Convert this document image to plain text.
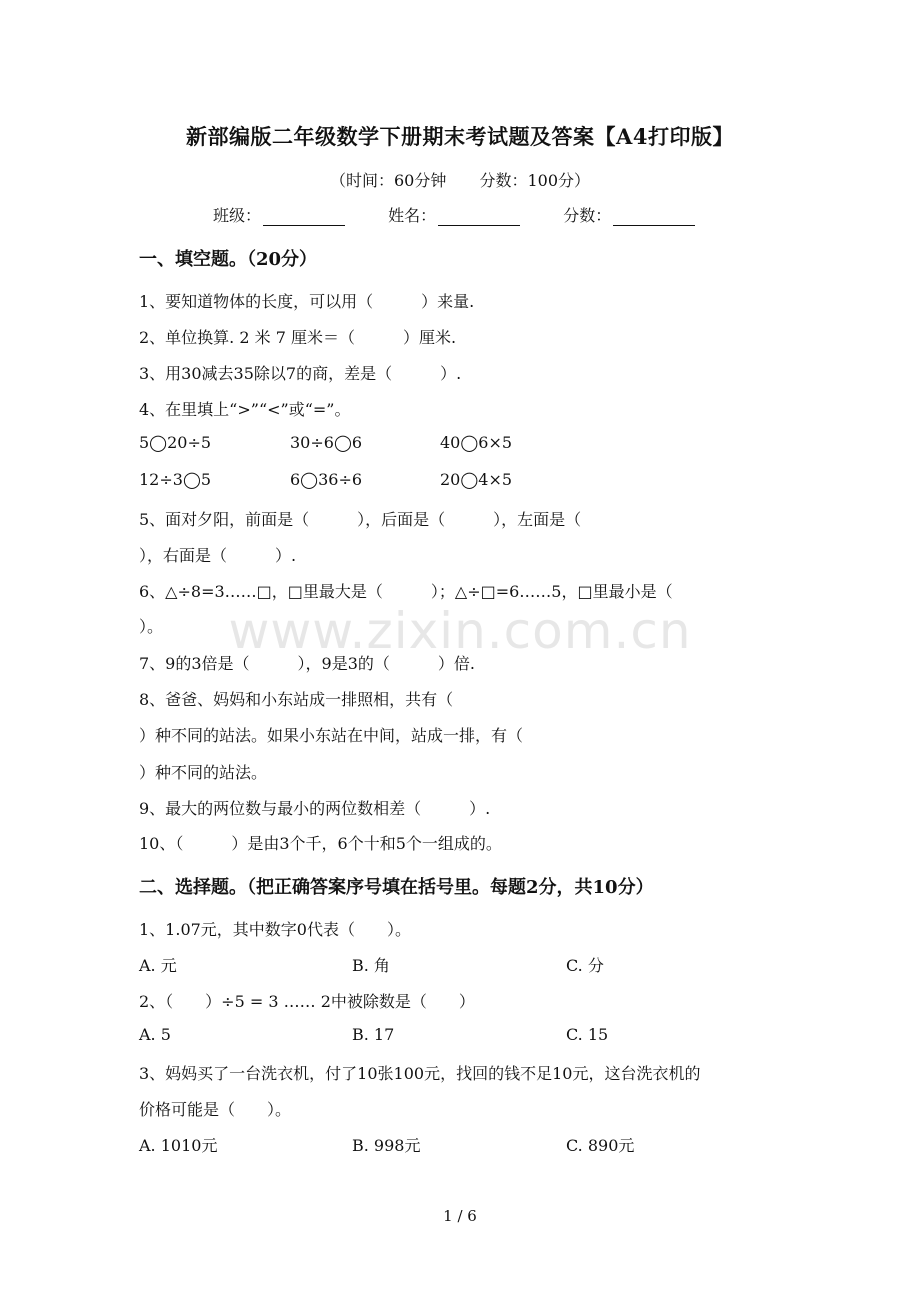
新部编版二年级数学下册期末考试题及答案【A4打印版】
（时间：60分钟 分数：100分）
班级：	姓名：	分数：
一、填空题。（20分）
1、要知道物体的长度，可以用（　　　）来量.
2、单位换算. 2 米 7 厘米＝（　　　）厘米.
3、用30减去35除以7的商，差是（　　　）.
4、在里填上“>”“<”或“=”。
5◯20÷5	30÷6◯6	40◯6×5
12÷3◯5	6◯36÷6	20◯4×5
5、面对夕阳，前面是（　　　），后面是（　　　），左面是（
），右面是（　　　）.
6、△÷8=3……□，□里最大是（　　　）；△÷□=6……5，□里最小是（
）。
7、9的3倍是（　　　），9是3的（　　　）倍.
8、爸爸、妈妈和小东站成一排照相，共有（
）种不同的站法。如果小东站在中间，站成一排，有（
）种不同的站法。
9、最大的两位数与最小的两位数相差（　　　）.
10、（　　　）是由3个千，6个十和5个一组成的。
二、选择题。（把正确答案序号填在括号里。每题2分，共10分）
1、1.07元，其中数字0代表（　　）。
A. 元	B. 角	C. 分
2、（　　）÷5 = 3 …… 2中被除数是（　　）
A. 5	B. 17	C. 15
3、妈妈买了一台洗衣机，付了10张100元，找回的钱不足10元，这台洗衣机的
价格可能是（　　）。
A. 1010元	B. 998元	C. 890元
www.zixin.com.cn
1 / 6
